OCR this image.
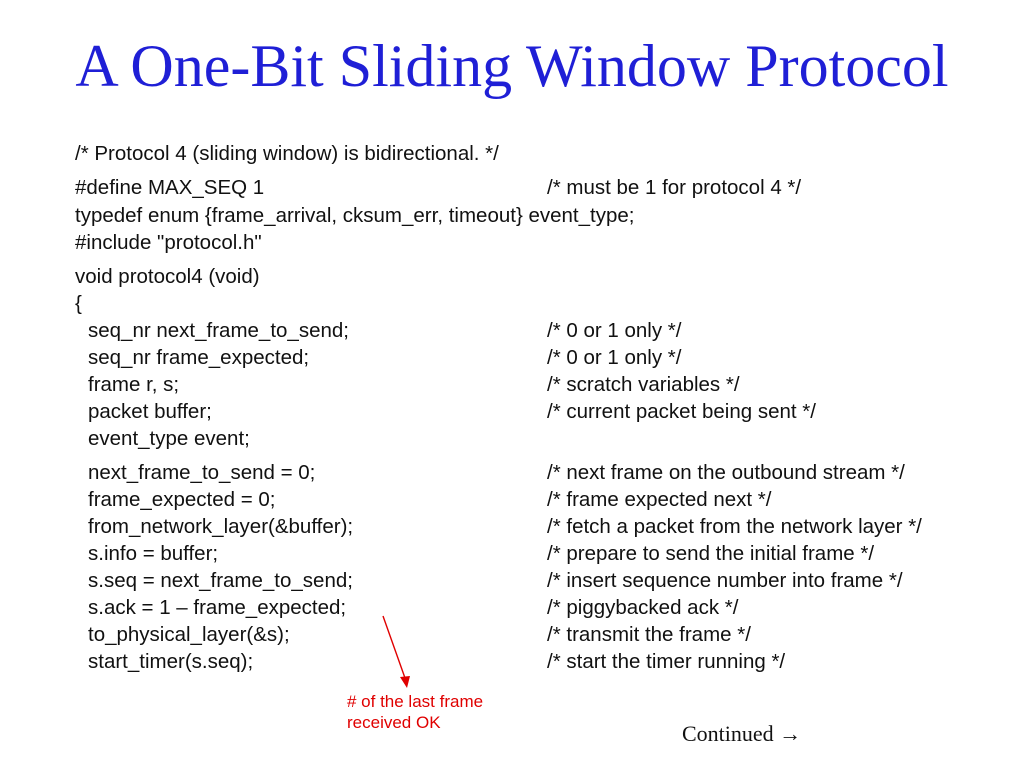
A One-Bit Sliding Window Protocol
/* Protocol 4 (sliding window) is bidirectional. */
#define MAX_SEQ 1	/* must be 1 for protocol 4 */
typedef enum {frame_arrival, cksum_err, timeout} event_type;
#include "protocol.h"
void protocol4 (void)
{
seq_nr next_frame_to_send;	/* 0 or 1 only */
seq_nr frame_expected;	/* 0 or 1 only */
frame r, s;	/* scratch variables */
packet buffer;	/* current packet being sent */
event_type event;
next_frame_to_send = 0;	/* next frame on the outbound stream */
frame_expected = 0;	/* frame expected next */
from_network_layer(&buffer);	/* fetch a packet from the network layer */
s.info = buffer;	/* prepare to send the initial frame */
s.seq = next_frame_to_send;	/* insert sequence number into frame */
s.ack = 1 – frame_expected;	/* piggybacked ack */
to_physical_layer(&s);	/* transmit the frame */
start_timer(s.seq);	/* start the timer running */
# of the last frame
received OK	Continued →
